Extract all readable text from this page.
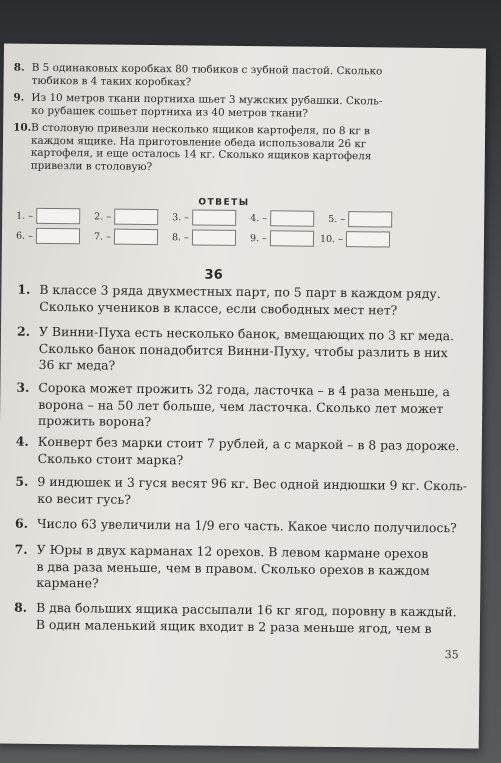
8. В 5 одинаковых коробках 80 тюбиков с зубной пастой. Сколько
тюбиков в 4 таких коробках?
9. Из 10 метров ткани портниха шьет 3 мужских рубашки. Сколь-
ко рубашек сошьет портниха из 40 метров ткани?
10.В столовую привезли несколько ящиков картофеля, по 8 кг в
каждом ящике. На приготовление обеда использовали 26 кг
картофеля, и еще осталось 14 кг. Сколько ящиков картофеля
привезли в столовую?
ОТВЕТЫ
1. –	2. –	3. –	4. –	5. –
6. –	7. –	8. –	9. –	10. –
36
1. В классе 3 ряда двухместных парт, по 5 парт в каждом ряду.
Сколько учеников в классе, если свободных мест нет?
2. У Винни-Пуха есть несколько банок, вмещающих по 3 кг меда.
Сколько банок понадобится Винни-Пуху, чтобы разлить в них
36 кг меда?
3. Сорока может прожить 32 года, ласточка – в 4 раза меньше, а
ворона – на 50 лет больше, чем ласточка. Сколько лет может
прожить ворона?
4. Конверт без марки стоит 7 рублей, а с маркой – в 8 раз дороже.
Сколько стоит марка?
5. 9 индюшек и 3 гуся весят 96 кг. Вес одной индюшки 9 кг. Сколь-
ко весит гусь?
6. Число 63 увеличили на 1/9 его часть. Какое число получилось?
7. У Юры в двух карманах 12 орехов. В левом кармане орехов
в два раза меньше, чем в правом. Сколько орехов в каждом
кармане?
8. В два больших ящика рассыпали 16 кг ягод, поровну в каждый.
В один маленький ящик входит в 2 раза меньше ягод, чем в
35
